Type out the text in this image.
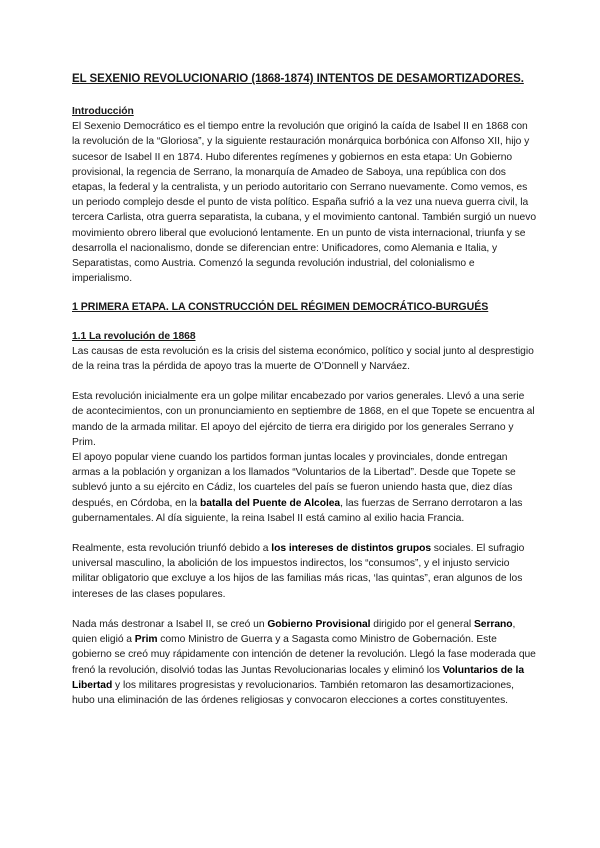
EL SEXENIO REVOLUCIONARIO (1868-1874) INTENTOS DE DESAMORTIZADORES.
Introducción

El Sexenio Democrático es el tiempo entre la revolución que originó la caída de Isabel II en 1868 con la revolución de la “Gloriosa”, y la siguiente restauración monárquica borbónica con Alfonso XII, hijo y sucesor de Isabel II en 1874. Hubo diferentes regímenes y gobiernos en esta etapa: Un Gobierno provisional, la regencia de Serrano, la monarquía de Amadeo de Saboya, una república con dos etapas, la federal y la centralista, y un periodo autoritario con Serrano nuevamente. Como vemos, es un periodo complejo desde el punto de vista político. España sufrió a la vez una nueva guerra civil, la tercera Carlista, otra guerra separatista, la cubana, y el movimiento cantonal. También surgió un nuevo movimiento obrero liberal que evolucionó lentamente. En un punto de vista internacional, triunfa y se desarrolla el nacionalismo, donde se diferencian entre: Unificadores, como Alemania e Italia, y Separatistas, como Austria. Comenzó la segunda revolución industrial, del colonialismo e imperialismo.

1 PRIMERA ETAPA. LA CONSTRUCCIÓN DEL RÉGIMEN DEMOCRÁTICO-BURGUÉS
1.1 La revolución de 1868

Las causas de esta revolución es la crisis del sistema económico, político y social junto al desprestigio de la reina tras la pérdida de apoyo tras la muerte de O’Donnell y Narváez.

Esta revolución inicialmente era un golpe militar encabezado por varios generales. Llevó a una serie de acontecimientos, con un pronunciamiento en septiembre de 1868, en el que Topete se encuentra al mando de la armada militar. El apoyo del ejército de tierra era dirigido por los generales Serrano y Prim.

El apoyo popular viene cuando los partidos forman juntas locales y provinciales, donde entregan armas a la población y organizan a los llamados “Voluntarios de la Libertad”. Desde que Topete se sublevó junto a su ejército en Cádiz, los cuarteles del país se fueron uniendo hasta que, diez días después, en Córdoba, en la batalla del Puente de Alcolea, las fuerzas de Serrano derrotaron a las gubernamentales. Al día siguiente, la reina Isabel II está camino al exilio hacia Francia.

Realmente, esta revolución triunfó debido a los intereses de distintos grupos sociales. El sufragio universal masculino, la abolición de los impuestos indirectos, los “consumos”, y el injusto servicio militar obligatorio que excluye a los hijos de las familias más ricas, ‘las quintas”, eran algunos de los intereses de las clases populares.

Nada más destronar a Isabel II, se creó un Gobierno Provisional dirigido por el general Serrano, quien eligió a Prim como Ministro de Guerra y a Sagasta como Ministro de Gobernación. Este gobierno se creó muy rápidamente con intención de detener la revolución. Llegó la fase moderada que frenó la revolución, disolvió todas las Juntas Revolucionarias locales y eliminó los Voluntarios de la Libertad y los militares progresistas y revolucionarios. También retomaron las desamortizaciones, hubo una eliminación de las órdenes religiosas y convocaron elecciones a cortes constituyentes.
